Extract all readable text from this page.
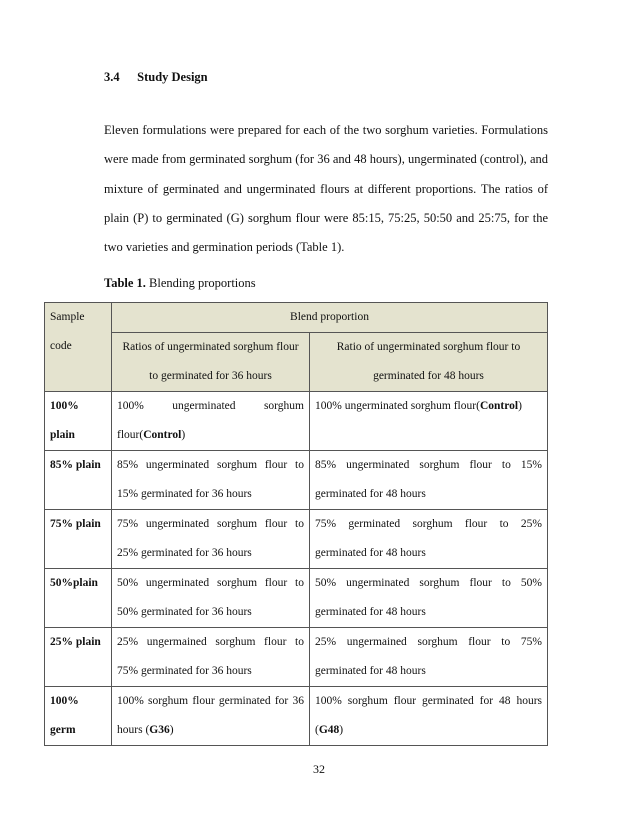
3.4 Study Design

Eleven formulations were prepared for each of the two sorghum varieties. Formulations were made from germinated sorghum (for 36 and 48 hours), ungerminated (control), and mixture of germinated and ungerminated flours at different proportions. The ratios of plain (P) to germinated (G) sorghum flour were 85:15, 75:25, 50:50 and 25:75, for the two varieties and germination periods (Table 1).

Table 1. Blending proportions
Sample
code	Blend proportion	
	Ratios of ungerminated sorghum flour to germinated for 36 hours	Ratio of ungerminated sorghum flour to germinated for 48 hours
100% plain	100% ungerminated sorghum flour(Control)	100% ungerminated sorghum flour(Control)
85% plain	85% ungerminated sorghum flour to 15% germinated for 36 hours	85% ungerminated sorghum flour to 15% germinated for 48 hours
75% plain	75% ungerminated sorghum flour to 25% germinated for 36 hours	75% germinated sorghum flour to 25% germinated for 48 hours
50%plain	50% ungerminated sorghum flour to 50% germinated for 36 hours	50% ungerminated sorghum flour to 50% germinated for 48 hours
25% plain	25% ungermained sorghum flour to 75% germinated for 36 hours	25% ungermained sorghum flour to 75% germinated for 48 hours
100% germ	100% sorghum flour germinated for 36 hours (G36)	100% sorghum flour germinated for 48 hours (G48)
32
